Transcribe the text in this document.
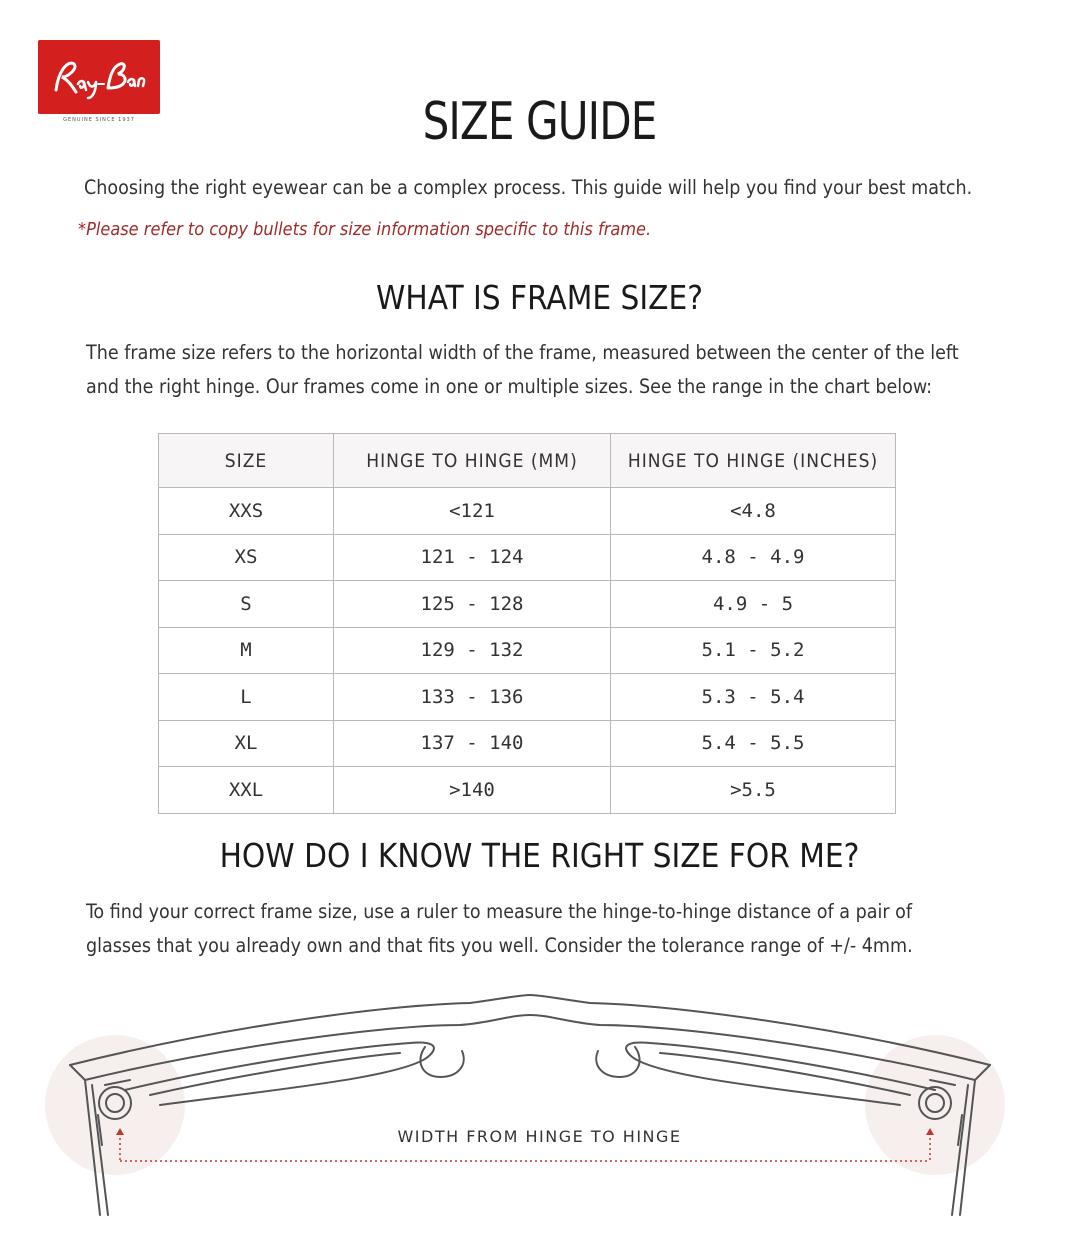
GENUINE SINCE 1937	SIZE GUIDE
Choosing the right eyewear can be a complex process. This guide will help you find your best match.
*Please refer to copy bullets for size information specific to this frame.
WHAT IS FRAME SIZE?
The frame size refers to the horizontal width of the frame, measured between the center of the left
and the right hinge. Our frames come in one or multiple sizes. See the range in the chart below:
SIZE	HINGE TO HINGE (MM)	HINGE TO HINGE (INCHES)
XXS	<121	<4.8
XS	121 - 124	4.8 - 4.9
S	125 - 128	4.9 - 5
M	129 - 132	5.1 - 5.2
L	133 - 136	5.3 - 5.4
XL	137 - 140	5.4 - 5.5
XXL	>140	>5.5
HOW DO I KNOW THE RIGHT SIZE FOR ME?
To find your correct frame size, use a ruler to measure the hinge-to-hinge distance of a pair of
glasses that you already own and that fits you well. Consider the tolerance range of +/- 4mm.
WIDTH FROM HINGE TO HINGE
